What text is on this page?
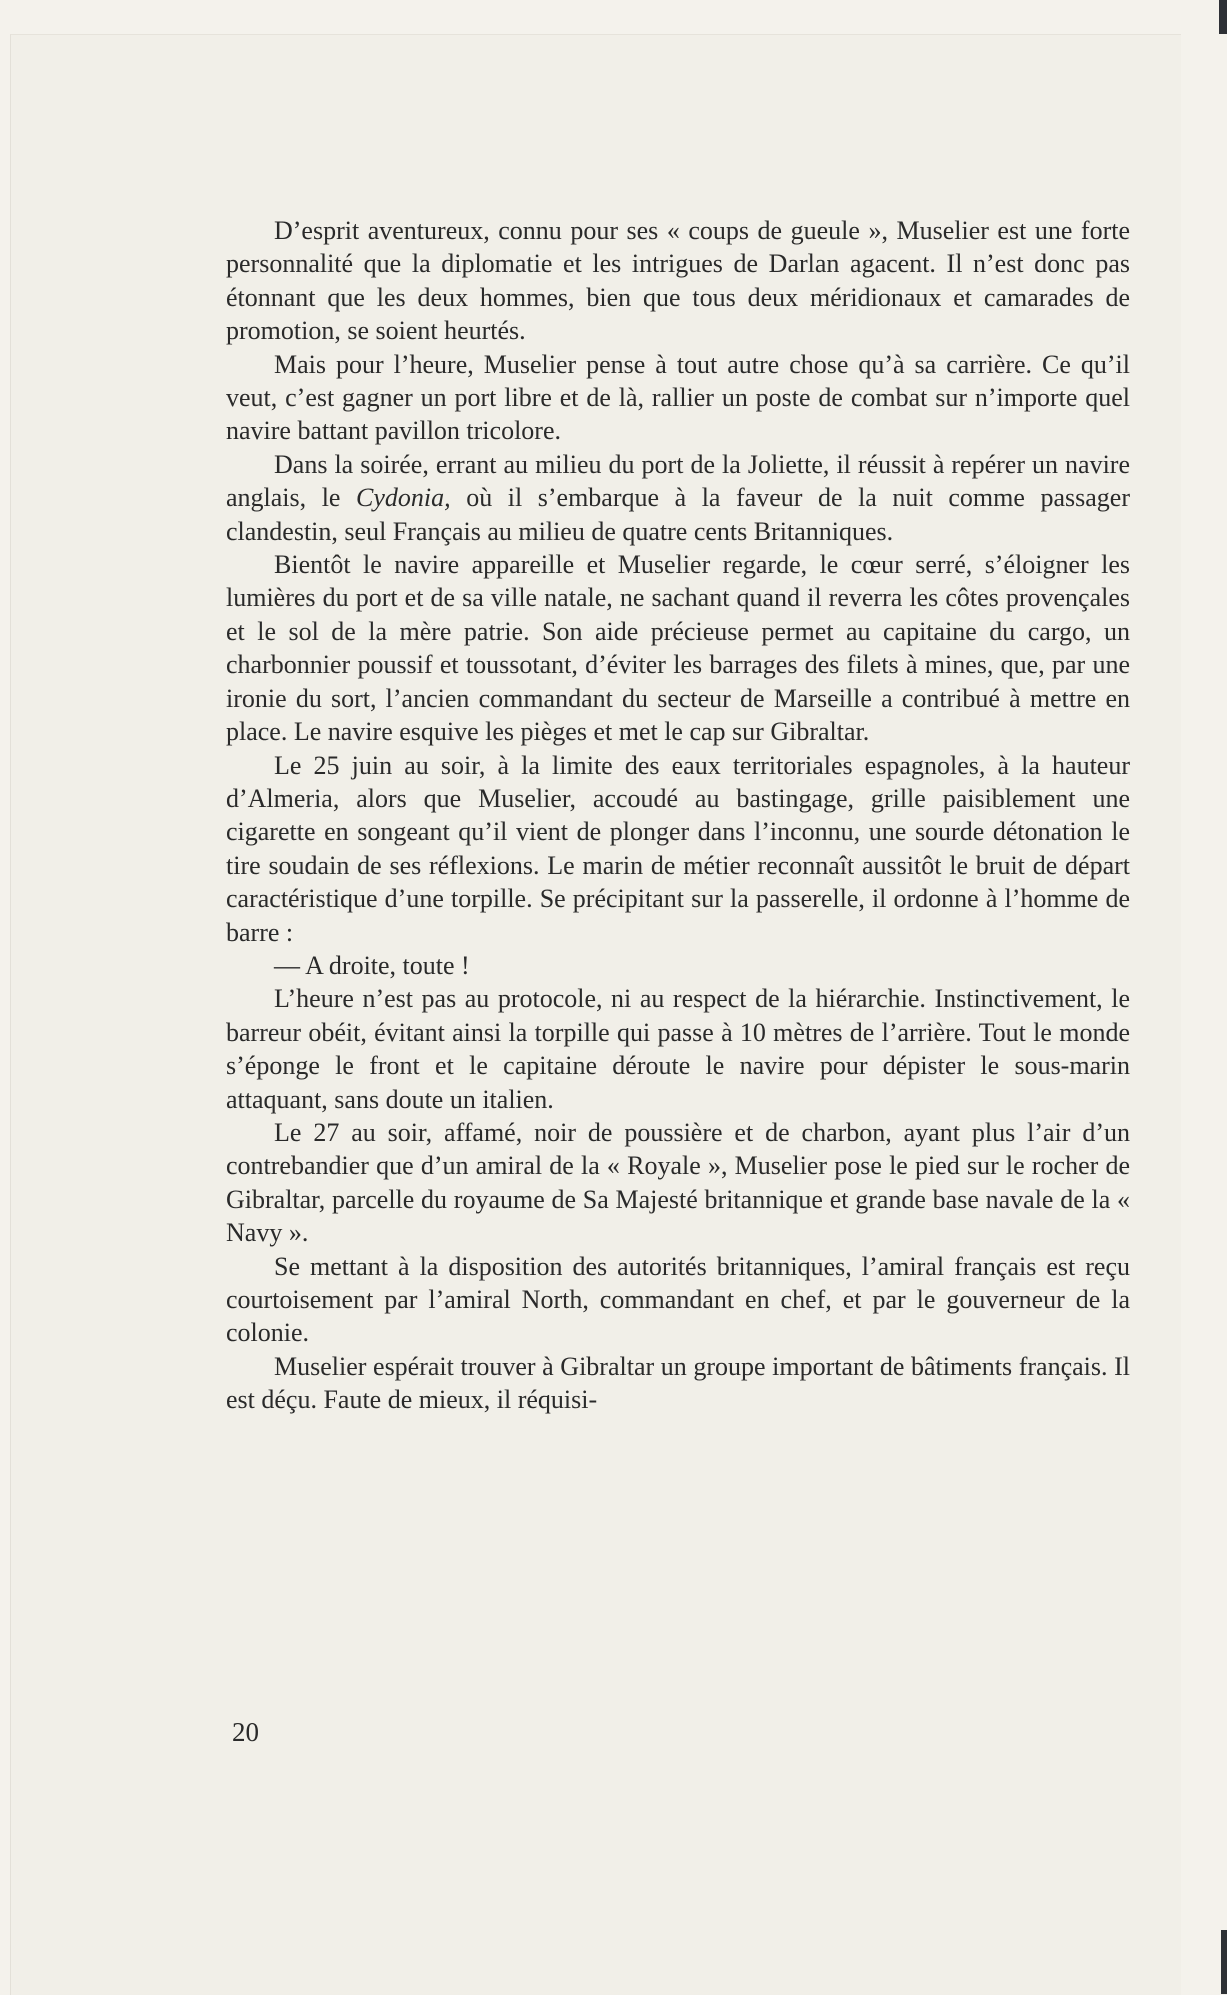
D’esprit aventureux, connu pour ses « coups de gueule », Muselier est une forte personnalité que la diplomatie et les intrigues de Darlan agacent. Il n’est donc pas étonnant que les deux hommes, bien que tous deux méridionaux et camarades de promotion, se soient heurtés.

Mais pour l’heure, Muselier pense à tout autre chose qu’à sa carrière. Ce qu’il veut, c’est gagner un port libre et de là, rallier un poste de combat sur n’importe quel navire battant pavillon tricolore.

Dans la soirée, errant au milieu du port de la Joliette, il réussit à repérer un navire anglais, le Cydonia, où il s’embarque à la faveur de la nuit comme passager clandestin, seul Français au milieu de quatre cents Britanniques.

Bientôt le navire appareille et Muselier regarde, le cœur serré, s’éloigner les lumières du port et de sa ville natale, ne sachant quand il reverra les côtes provençales et le sol de la mère patrie. Son aide précieuse permet au capitaine du cargo, un charbonnier poussif et toussotant, d’éviter les barrages des filets à mines, que, par une ironie du sort, l’ancien commandant du secteur de Marseille a contribué à mettre en place. Le navire esquive les pièges et met le cap sur Gibraltar.

Le 25 juin au soir, à la limite des eaux territoriales espagnoles, à la hauteur d’Almeria, alors que Muselier, accoudé au bastingage, grille paisiblement une cigarette en songeant qu’il vient de plonger dans l’inconnu, une sourde détonation le tire soudain de ses réflexions. Le marin de métier reconnaît aussitôt le bruit de départ caractéristique d’une torpille. Se précipitant sur la passerelle, il ordonne à l’homme de barre :

— A droite, toute !

L’heure n’est pas au protocole, ni au respect de la hiérarchie. Instinctivement, le barreur obéit, évitant ainsi la torpille qui passe à 10 mètres de l’arrière. Tout le monde s’éponge le front et le capitaine déroute le navire pour dépister le sous-marin attaquant, sans doute un italien.

Le 27 au soir, affamé, noir de poussière et de charbon, ayant plus l’air d’un contrebandier que d’un amiral de la « Royale », Muselier pose le pied sur le rocher de Gibraltar, parcelle du royaume de Sa Majesté britannique et grande base navale de la « Navy ».

Se mettant à la disposition des autorités britanniques, l’amiral français est reçu courtoisement par l’amiral North, commandant en chef, et par le gouverneur de la colonie.

Muselier espérait trouver à Gibraltar un groupe important de bâtiments français. Il est déçu. Faute de mieux, il réquisi-

20
